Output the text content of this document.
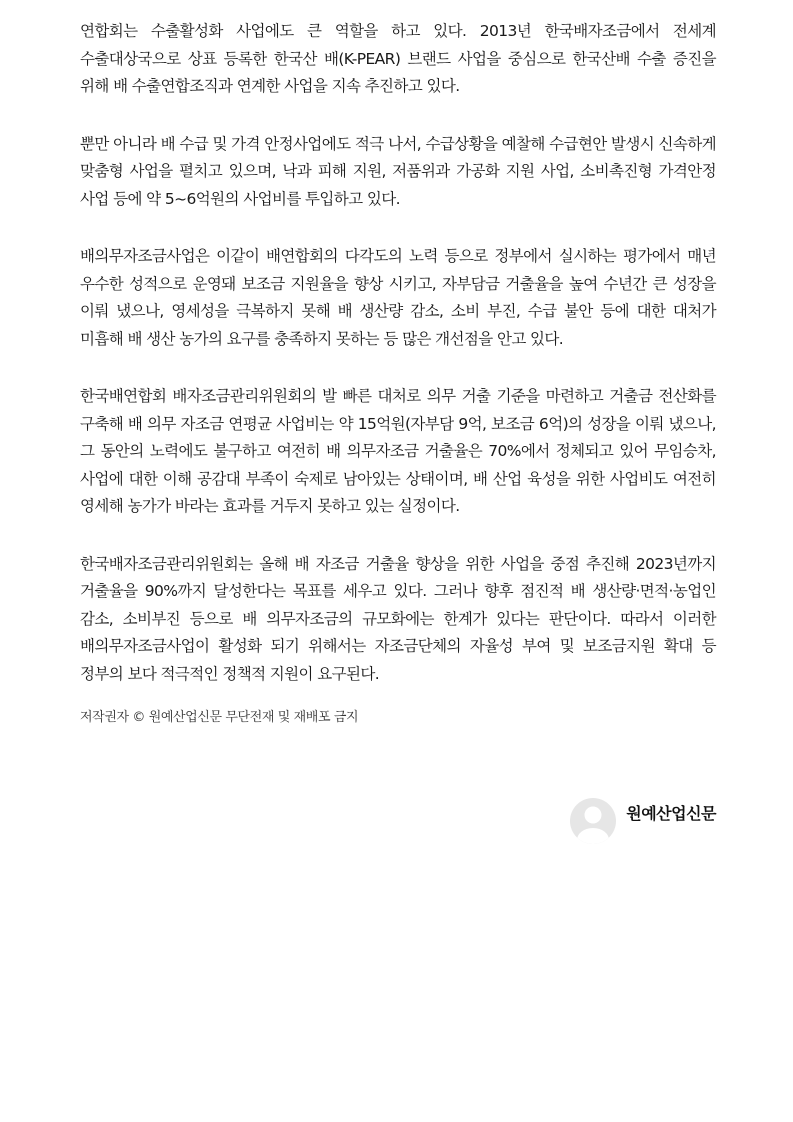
연합회는 수출활성화 사업에도 큰 역할을 하고 있다. 2013년 한국배자조금에서 전세계 수출대상국으로 상표 등록한 한국산 배(K-PEAR) 브랜드 사업을 중심으로 한국산배 수출 증진을 위해 배 수출연합조직과 연계한 사업을 지속 추진하고 있다.

뿐만 아니라 배 수급 및 가격 안정사업에도 적극 나서, 수급상황을 예찰해 수급현안 발생시 신속하게 맞춤형 사업을 펼치고 있으며, 낙과 피해 지원, 저품위과 가공화 지원 사업, 소비촉진형 가격안정 사업 등에 약 5~6억원의 사업비를 투입하고 있다.

배의무자조금사업은 이같이 배연합회의 다각도의 노력 등으로 정부에서 실시하는 평가에서 매년 우수한 성적으로 운영돼 보조금 지원율을 향상 시키고, 자부담금 거출율을 높여 수년간 큰 성장을 이뤄 냈으나, 영세성을 극복하지 못해 배 생산량 감소, 소비 부진, 수급 불안 등에 대한 대처가 미흡해 배 생산 농가의 요구를 충족하지 못하는 등 많은 개선점을 안고 있다.

한국배연합회 배자조금관리위원회의 발 빠른 대처로 의무 거출 기준을 마련하고 거출금 전산화를 구축해 배 의무 자조금 연평균 사업비는 약 15억원(자부담 9억, 보조금 6억)의 성장을 이뤄 냈으나, 그 동안의 노력에도 불구하고 여전히 배 의무자조금 거출율은 70%에서 정체되고 있어 무임승차, 사업에 대한 이해 공감대 부족이 숙제로 남아있는 상태이며, 배 산업 육성을 위한 사업비도 여전히 영세해 농가가 바라는 효과를 거두지 못하고 있는 실정이다.

한국배자조금관리위원회는 올해 배 자조금 거출율 향상을 위한 사업을 중점 추진해 2023년까지 거출율을 90%까지 달성한다는 목표를 세우고 있다. 그러나 향후 점진적 배 생산량·면적·농업인 감소, 소비부진 등으로 배 의무자조금의 규모화에는 한계가 있다는 판단이다. 따라서 이러한 배의무자조금사업이 활성화 되기 위해서는 자조금단체의 자율성 부여 및 보조금지원 확대 등 정부의 보다 적극적인 정책적 지원이 요구된다.

저작권자 © 원예산업신문 무단전재 및 재배포 금지

원예산업신문
